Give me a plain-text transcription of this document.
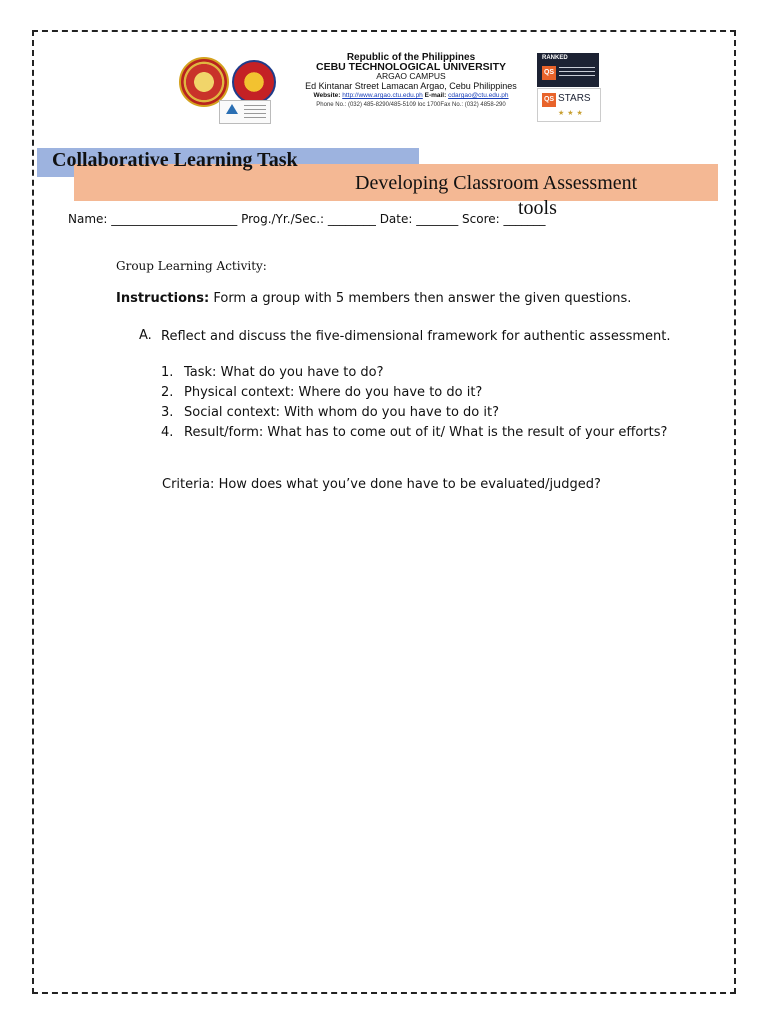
Republic of the Philippines
CEBU TECHNOLOGICAL UNIVERSITY
ARGAO CAMPUS
Ed Kintanar Street Lamacan Argao, Cebu Philippines
Website: http://www.argao.ctu.edu.ph E-mail: cdargao@ctu.edu.ph
Phone No.: (032) 485-8290/485-5109 loc 1700Fax No.: (032) 4858-290
RANKED
QS
QS STARS
★★★
Collaborative Learning Task
Developing Classroom Assessment
tools
Name: _____________________ Prog./Yr./Sec.: ________ Date: _______ Score: _______
Group Learning Activity:
Instructions: Form a group with 5 members then answer the given questions.
A. Reflect and discuss the five-dimensional framework for authentic assessment.
1. Task: What do you have to do?
2. Physical context: Where do you have to do it?
3. Social context: With whom do you have to do it?
4. Result/form: What has to come out of it/ What is the result of your efforts?
Criteria: How does what you’ve done have to be evaluated/judged?
